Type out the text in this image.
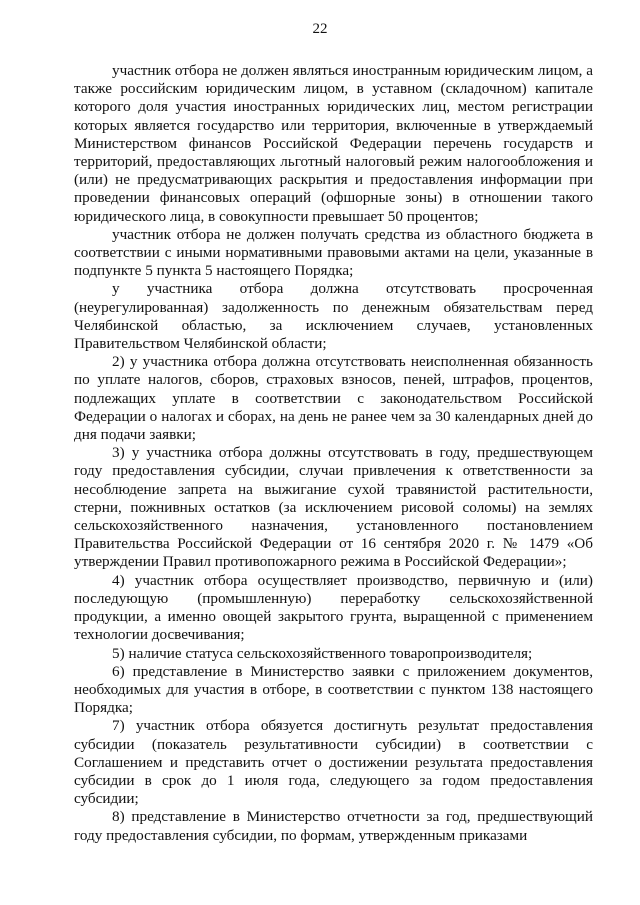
22

участник отбора не должен являться иностранным юридическим лицом, а также российским юридическим лицом, в уставном (складочном) капитале которого доля участия иностранных юридических лиц, местом регистрации которых является государство или территория, включенные в утверждаемый Министерством финансов Российской Федерации перечень государств и территорий, предоставляющих льготный налоговый режим налогообложения и (или) не предусматривающих раскрытия и предоставления информации при проведении финансовых операций (офшорные зоны) в отношении такого юридического лица, в совокупности превышает 50 процентов;

участник отбора не должен получать средства из областного бюджета в соответствии с иными нормативными правовыми актами на цели, указанные в подпункте 5 пункта 5 настоящего Порядка;

у участника отбора должна отсутствовать просроченная (неурегулированная) задолженность по денежным обязательствам перед Челябинской областью, за исключением случаев, установленных Правительством Челябинской области;

2) у участника отбора должна отсутствовать неисполненная обязанность по уплате налогов, сборов, страховых взносов, пеней, штрафов, процентов, подлежащих уплате в соответствии с законодательством Российской Федерации о налогах и сборах, на день не ранее чем за 30 календарных дней до дня подачи заявки;

3) у участника отбора должны отсутствовать в году, предшествующем году предоставления субсидии, случаи привлечения к ответственности за несоблюдение запрета на выжигание сухой травянистой растительности, стерни, пожнивных остатков (за исключением рисовой соломы) на землях сельскохозяйственного назначения, установленного постановлением Правительства Российской Федерации от 16 сентября 2020 г. № 1479 «Об утверждении Правил противопожарного режима в Российской Федерации»;

4) участник отбора осуществляет производство, первичную и (или) последующую (промышленную) переработку сельскохозяйственной продукции, а именно овощей закрытого грунта, выращенной с применением технологии досвечивания;

5) наличие статуса сельскохозяйственного товаропроизводителя;

6) представление в Министерство заявки с приложением документов, необходимых для участия в отборе, в соответствии с пунктом 138 настоящего Порядка;

7) участник отбора обязуется достигнуть результат предоставления субсидии (показатель результативности субсидии) в соответствии с Соглашением и представить отчет о достижении результата предоставления субсидии в срок до 1 июля года, следующего за годом предоставления субсидии;

8) представление в Министерство отчетности за год, предшествующий году предоставления субсидии, по формам, утвержденным приказами
